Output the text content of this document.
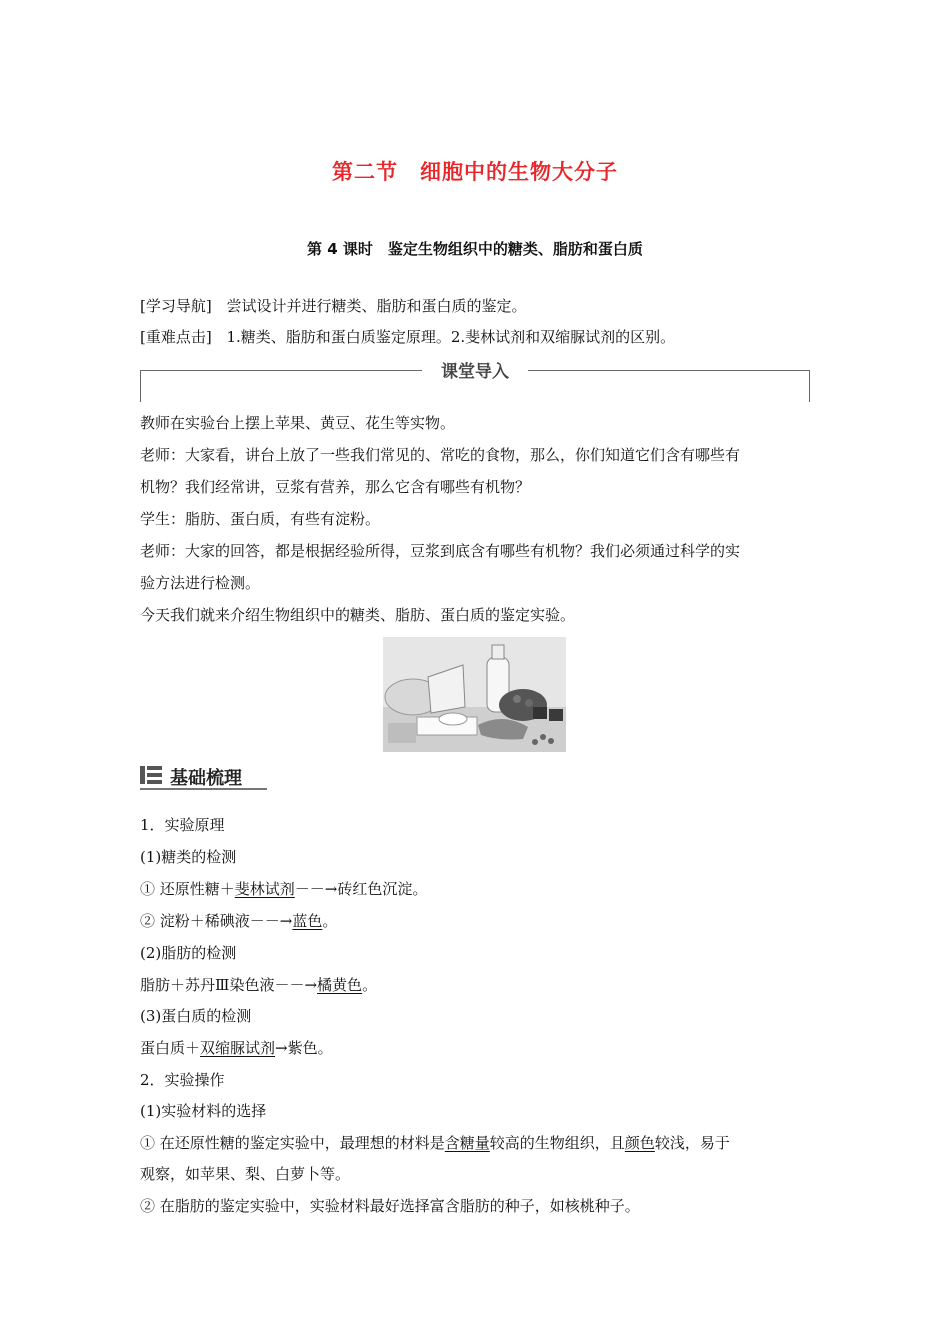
第二节　细胞中的生物大分子
第 4 课时　鉴定生物组织中的糖类、脂肪和蛋白质
[学习导航] 尝试设计并进行糖类、脂肪和蛋白质的鉴定。
[重难点击] 1.糖类、脂肪和蛋白质鉴定原理。2.斐林试剂和双缩脲试剂的区别。
课堂导入
教师在实验台上摆上苹果、黄豆、花生等实物。
老师：大家看，讲台上放了一些我们常见的、常吃的食物，那么，你们知道它们含有哪些有
机物？我们经常讲，豆浆有营养，那么它含有哪些有机物？
学生：脂肪、蛋白质，有些有淀粉。
老师：大家的回答，都是根据经验所得，豆浆到底含有哪些有机物？我们必须通过科学的实
验方法进行检测。
今天我们就来介绍生物组织中的糖类、脂肪、蛋白质的鉴定实验。
基础梳理
1．实验原理
(1)糖类的检测
① 还原性糖＋斐林试剂－－→砖红色沉淀。
② 淀粉＋稀碘液－－→蓝色。
(2)脂肪的检测
脂肪＋苏丹Ⅲ染色液－－→橘黄色。
(3)蛋白质的检测
蛋白质＋双缩脲试剂→紫色。
2．实验操作
(1)实验材料的选择
① 在还原性糖的鉴定实验中，最理想的材料是含糖量较高的生物组织，且颜色较浅，易于
观察，如苹果、梨、白萝卜等。
② 在脂肪的鉴定实验中，实验材料最好选择富含脂肪的种子，如核桃种子。
